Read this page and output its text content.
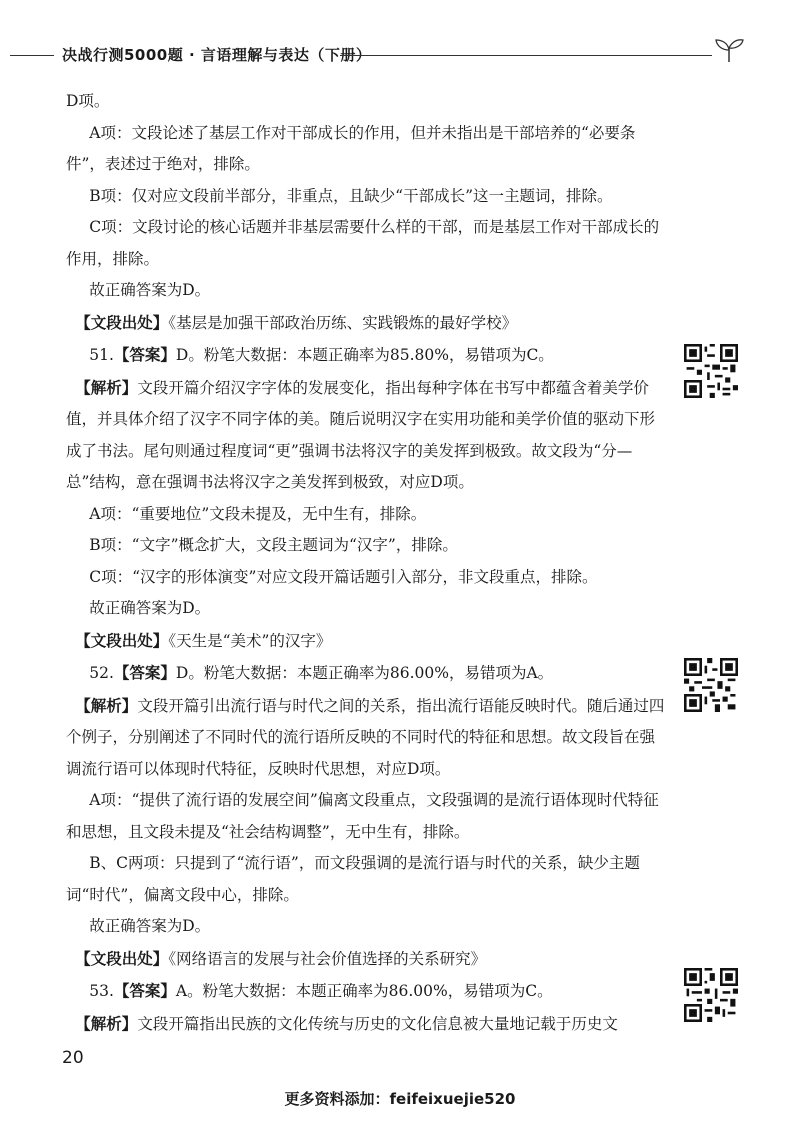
决战行测5000题 · 言语理解与表达（下册）

D项。

A项：文段论述了基层工作对干部成长的作用，但并未指出是干部培养的“必要条件”，表述过于绝对，排除。

B项：仅对应文段前半部分，非重点，且缺少“干部成长”这一主题词，排除。

C项：文段讨论的核心话题并非基层需要什么样的干部，而是基层工作对干部成长的作用，排除。

故正确答案为D。

【文段出处】《基层是加强干部政治历练、实践锻炼的最好学校》

51.【答案】D。粉笔大数据：本题正确率为85.80%，易错项为C。

【解析】文段开篇介绍汉字字体的发展变化，指出每种字体在书写中都蕴含着美学价值，并具体介绍了汉字不同字体的美。随后说明汉字在实用功能和美学价值的驱动下形成了书法。尾句则通过程度词“更”强调书法将汉字的美发挥到极致。故文段为“分—总”结构，意在强调书法将汉字之美发挥到极致，对应D项。

A项：“重要地位”文段未提及，无中生有，排除。

B项：“文字”概念扩大，文段主题词为“汉字”，排除。

C项：“汉字的形体演变”对应文段开篇话题引入部分，非文段重点，排除。

故正确答案为D。

【文段出处】《天生是“美术”的汉字》

52.【答案】D。粉笔大数据：本题正确率为86.00%，易错项为A。

【解析】文段开篇引出流行语与时代之间的关系，指出流行语能反映时代。随后通过四个例子，分别阐述了不同时代的流行语所反映的不同时代的特征和思想。故文段旨在强调流行语可以体现时代特征，反映时代思想，对应D项。

A项：“提供了流行语的发展空间”偏离文段重点，文段强调的是流行语体现时代特征和思想，且文段未提及“社会结构调整”，无中生有，排除。

B、C两项：只提到了“流行语”，而文段强调的是流行语与时代的关系，缺少主题词“时代”，偏离文段中心，排除。

故正确答案为D。

【文段出处】《网络语言的发展与社会价值选择的关系研究》

53.【答案】A。粉笔大数据：本题正确率为86.00%，易错项为C。

【解析】文段开篇指出民族的文化传统与历史的文化信息被大量地记载于历史文

20
更多资料添加：feifeixuejie520
